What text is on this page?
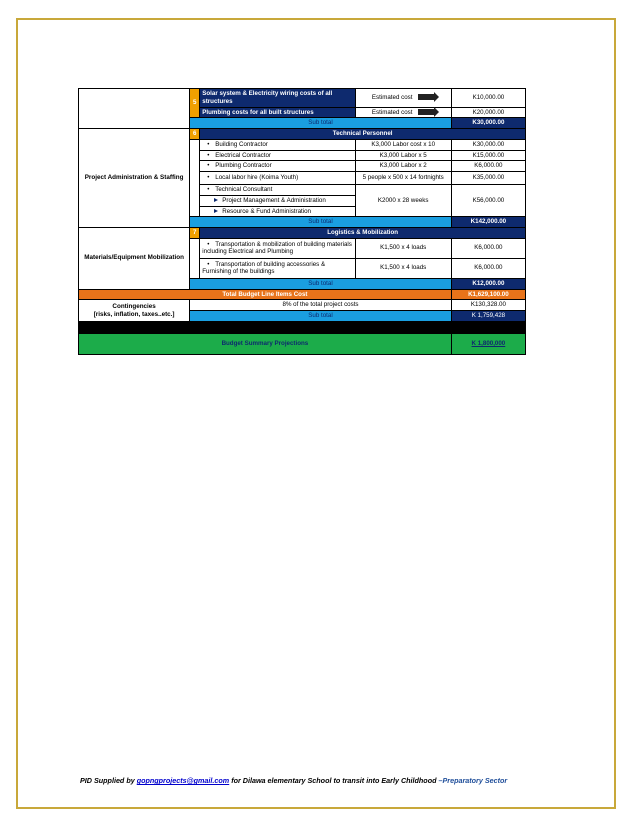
	5	Solar system & Electricity wiring costs of all structures	Estimated cost	K10,000.00
		Plumbing costs for all built structures	Estimated cost	K20,000.00
	Sub total			K30,000.00
Project Administration & Staffing	6	Technical Personnel		
		• Building Contractor	K3,000 Labor cost x 10	K30,000.00
		• Electrical Contractor	K3,000 Labor x 5	K15,000.00
		• Plumbing Contractor	K3,000 Labor x 2	K6,000.00
		• Local labor hire (Koima Youth)	5 people x 500 x 14 fortnights	K35,000.00
		• Technical Consultant	K2000 x 28 weeks	K56,000.00
		Project Management & Administration		
		Resource & Fund Administration		
	Sub total			K142,000.00
Materials/Equipment Mobilization	7	Logistics & Mobilization		
		• Transportation & mobilization of building materials including Electrical and Plumbing	K1,500 x 4 loads	K6,000.00
		• Transportation of building accessories & Furnishing of the buildings	K1,500 x 4 loads	K6,000.00
	Sub total			K12,000.00
Total Budget Line Items Cost				K1,629,100.00

Contingencies
[risks, inflation, taxes..etc.]	8% of the total project costs			K130,328.00
	Sub total			K 1,759,428

Budget Summary Projections				K 1,800,000
PID Supplied by gopngprojects@gmail.com for Dilawa elementary School to transit into Early Childhood –Preparatory Sector
